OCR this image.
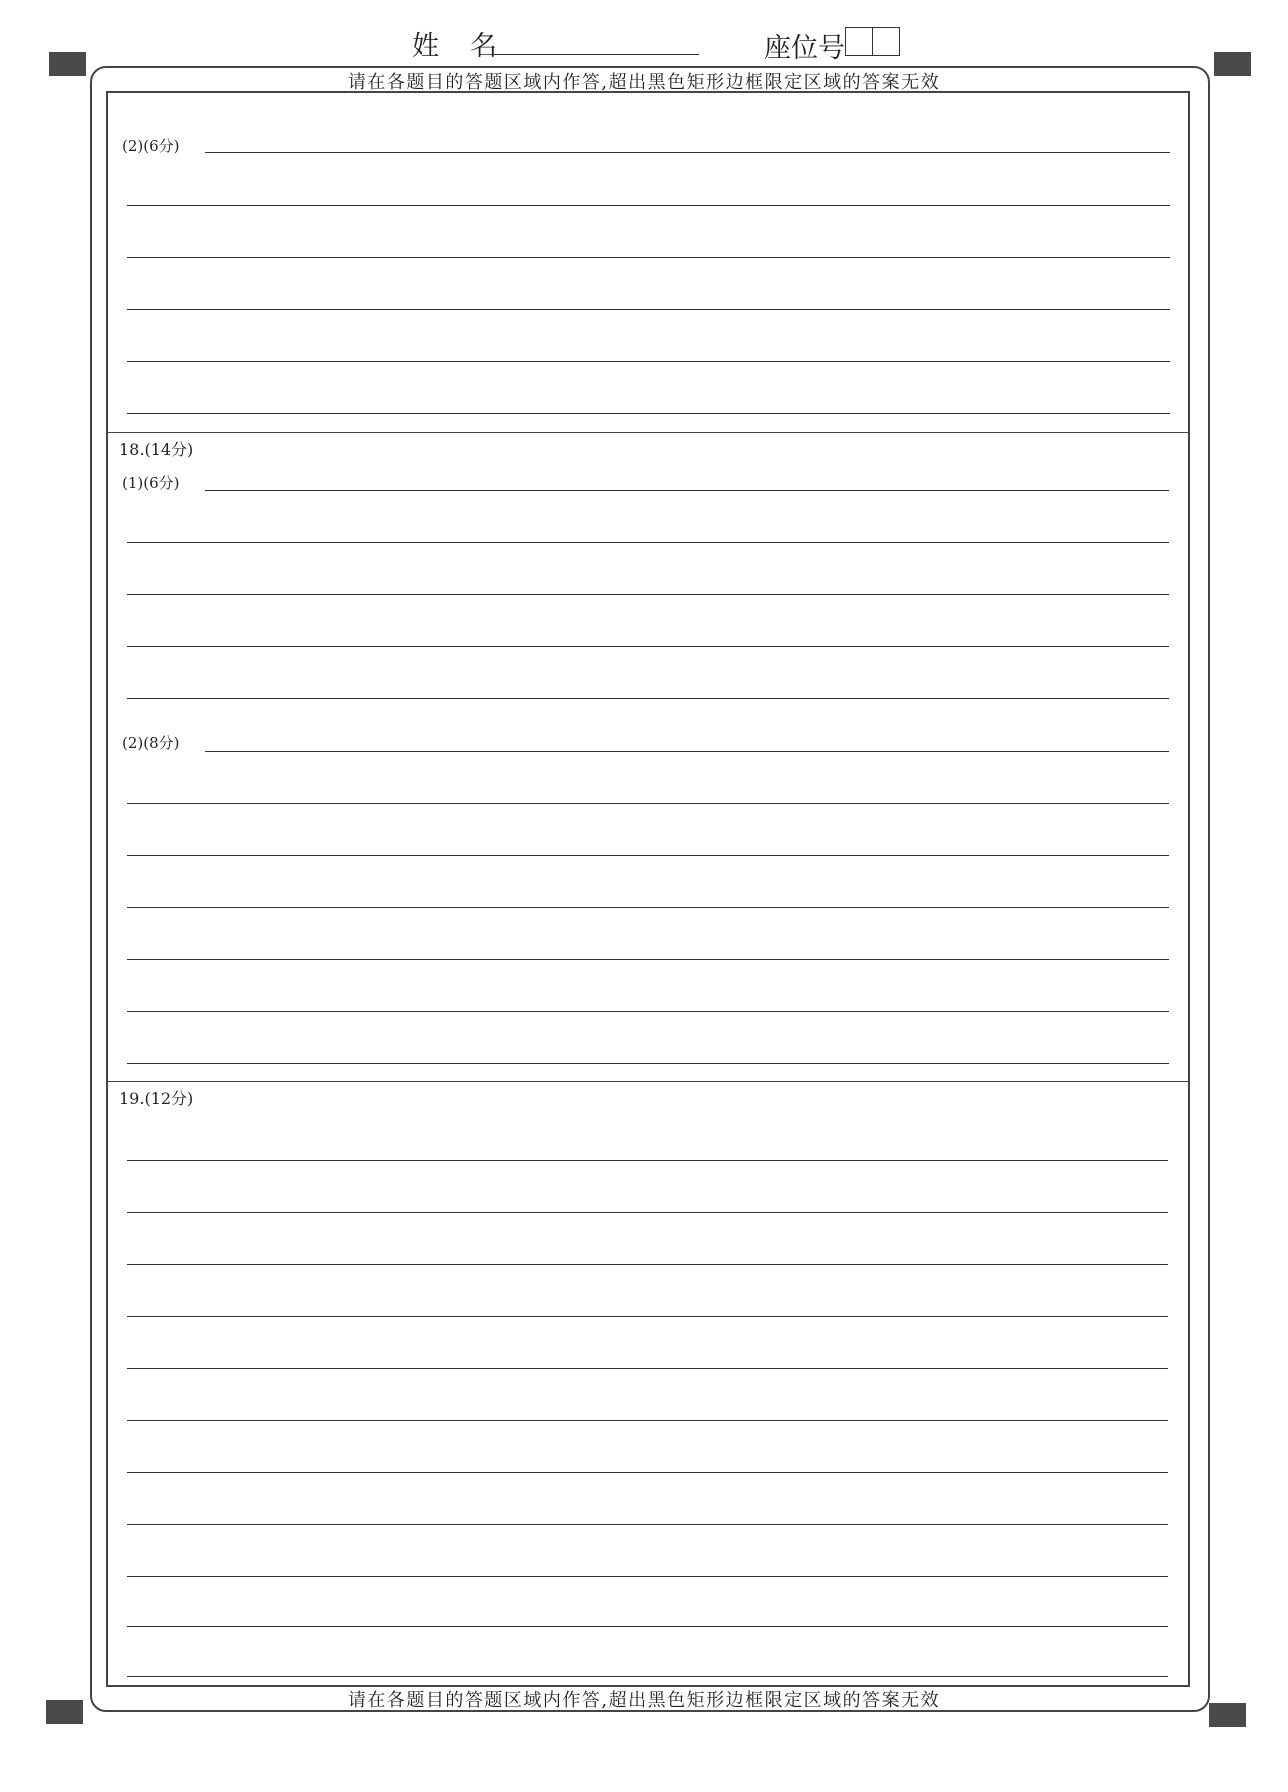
姓　名	座位号
请在各题目的答题区域内作答,超出黑色矩形边框限定区域的答案无效
请在各题目的答题区域内作答,超出黑色矩形边框限定区域的答案无效
(2)(6分)
18.(14分)
(1)(6分)
(2)(8分)
19.(12分)
